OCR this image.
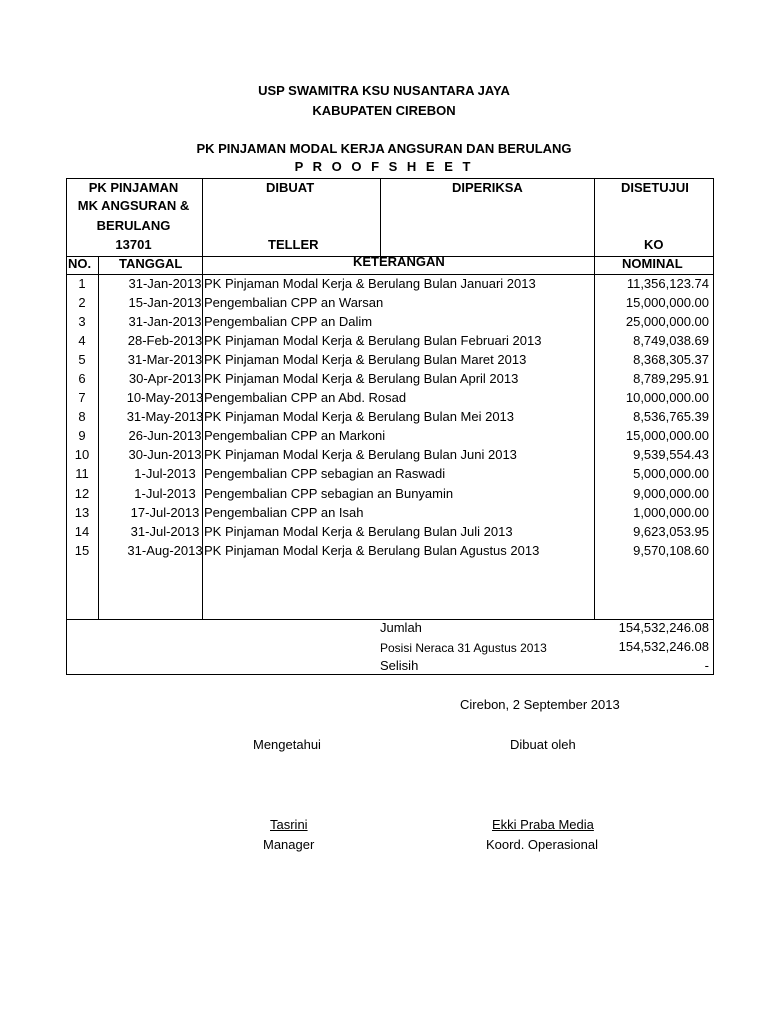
USP SWAMITRA KSU NUSANTARA JAYA
KABUPATEN CIREBON
PK PINJAMAN MODAL KERJA ANGSURAN DAN BERULANG
P R O O F S H E E T
PK PINJAMAN
MK ANGSURAN &
BERULANG
13701
DIBUAT	DIPERIKSA	DISETUJUI
TELLER	KO
NO. TANGGAL	KETERANGAN	NOMINAL
1	31-Jan-2013 PK Pinjaman Modal Kerja & Berulang Bulan Januari 2013	11,356,123.74
2	15-Jan-2013 Pengembalian CPP an Warsan	15,000,000.00
3	31-Jan-2013 Pengembalian CPP an Dalim	25,000,000.00
4	28-Feb-2013 PK Pinjaman Modal Kerja & Berulang Bulan Februari 2013	8,749,038.69
5	31-Mar-2013 PK Pinjaman Modal Kerja & Berulang Bulan Maret 2013	8,368,305.37
6	30-Apr-2013 PK Pinjaman Modal Kerja & Berulang Bulan April 2013	8,789,295.91
7	10-May-2013 Pengembalian CPP an Abd. Rosad	10,000,000.00
8	31-May-2013 PK Pinjaman Modal Kerja & Berulang Bulan Mei 2013	8,536,765.39
9	26-Jun-2013 Pengembalian CPP an Markoni	15,000,000.00
10	30-Jun-2013 PK Pinjaman Modal Kerja & Berulang Bulan Juni 2013	9,539,554.43
11	1-Jul-2013 Pengembalian CPP sebagian an Raswadi	5,000,000.00
12	1-Jul-2013 Pengembalian CPP sebagian an Bunyamin	9,000,000.00
13	17-Jul-2013 Pengembalian CPP an Isah	1,000,000.00
14	31-Jul-2013 PK Pinjaman Modal Kerja & Berulang Bulan Juli 2013	9,623,053.95
15	31-Aug-2013 PK Pinjaman Modal Kerja & Berulang Bulan Agustus 2013	9,570,108.60
Jumlah	154,532,246.08
Posisi Neraca 31 Agustus 2013	154,532,246.08
Selisih	-
Cirebon, 2 September 2013
Mengetahui	Dibuat oleh
Tasrini
Manager
Ekki Praba Media
Koord. Operasional
